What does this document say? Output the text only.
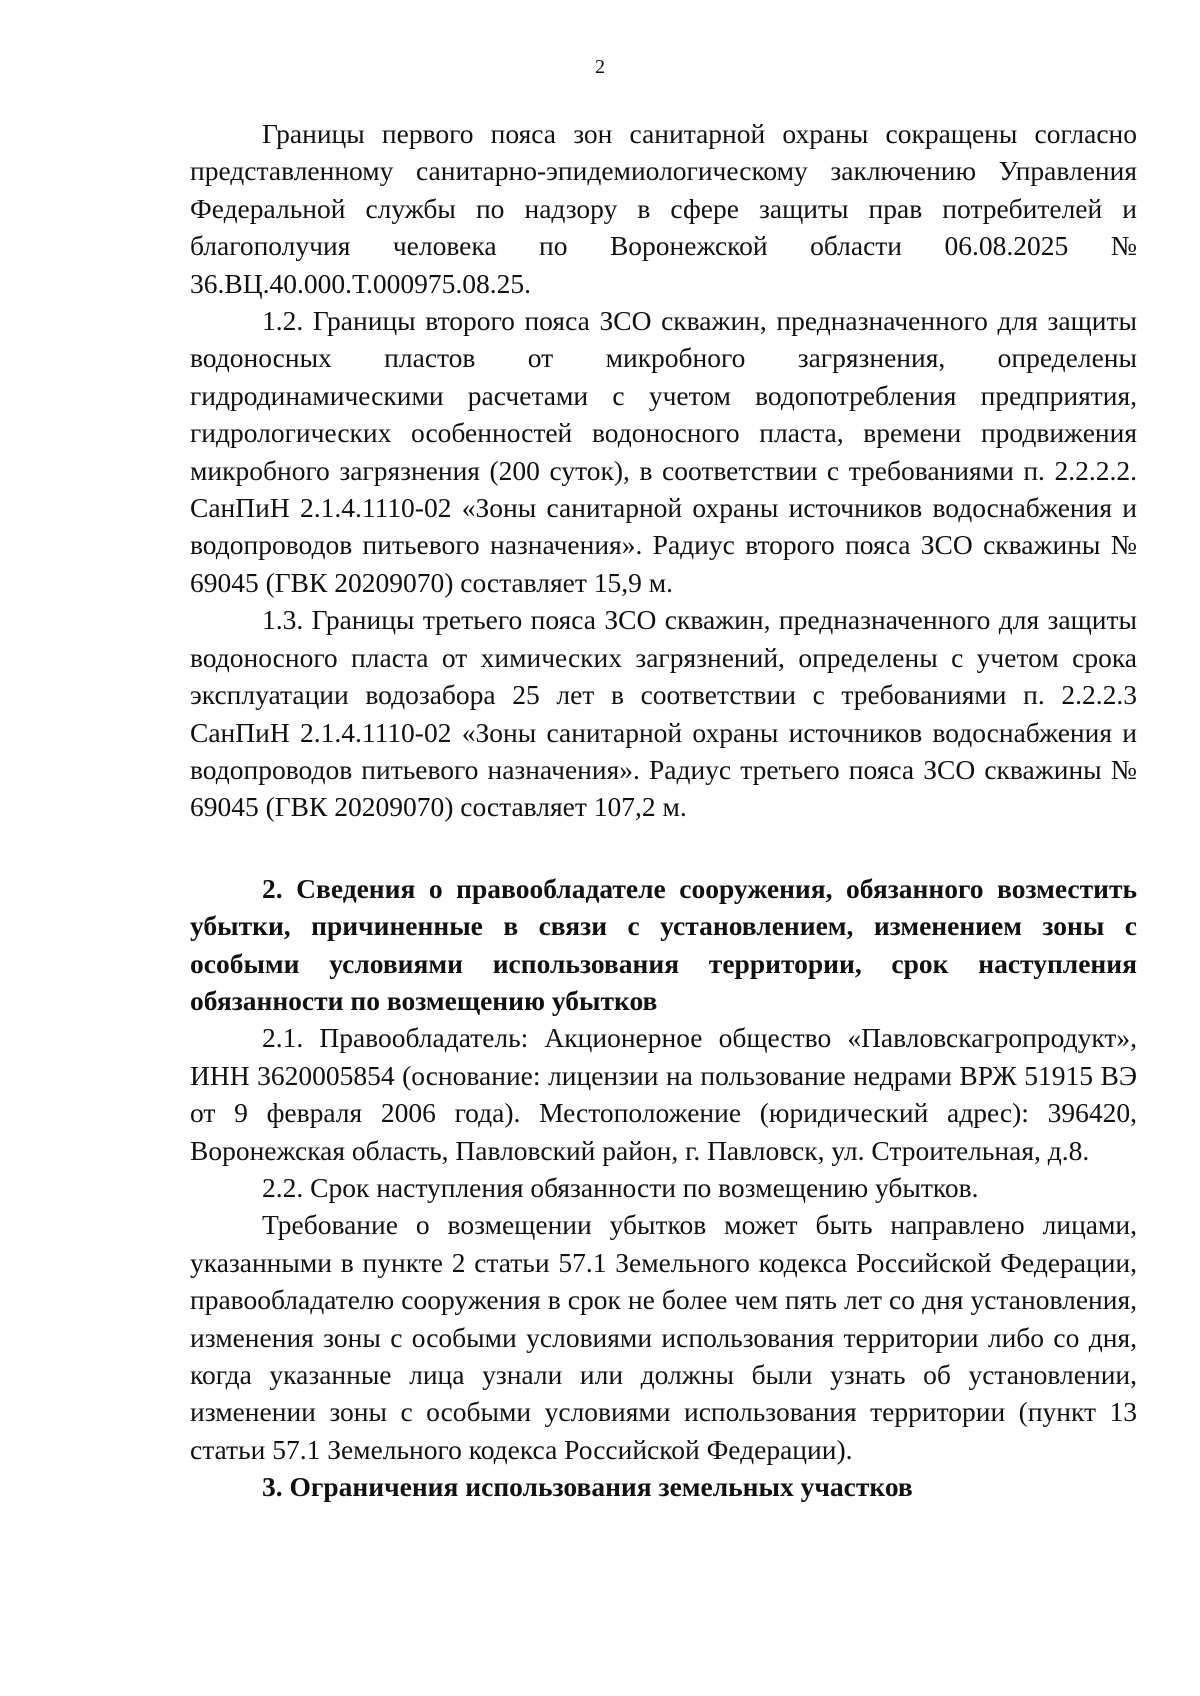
2

Границы первого пояса зон санитарной охраны сокращены согласно представленному санитарно-эпидемиологическому заключению Управления Федеральной службы по надзору в сфере защиты прав потребителей и благополучия человека по Воронежской области 06.08.2025 № 36.ВЦ.40.000.Т.000975.08.25.

1.2. Границы второго пояса ЗСО скважин, предназначенного для защиты водоносных пластов от микробного загрязнения, определены гидродинамическими расчетами с учетом водопотребления предприятия, гидрологических особенностей водоносного пласта, времени продвижения микробного загрязнения (200 суток), в соответствии с требованиями п. 2.2.2.2. СанПиН 2.1.4.1110-02 «Зоны санитарной охраны источников водоснабжения и водопроводов питьевого назначения». Радиус второго пояса ЗСО скважины № 69045 (ГВК 20209070) составляет 15,9 м.

1.3. Границы третьего пояса ЗСО скважин, предназначенного для защиты водоносного пласта от химических загрязнений, определены с учетом срока эксплуатации водозабора 25 лет в соответствии с требованиями п. 2.2.2.3 СанПиН 2.1.4.1110-02 «Зоны санитарной охраны источников водоснабжения и водопроводов питьевого назначения». Радиус третьего пояса ЗСО скважины № 69045 (ГВК 20209070) составляет 107,2 м.

2. Сведения о правообладателе сооружения, обязанного возместить убытки, причиненные в связи с установлением, изменением зоны с особыми условиями использования территории, срок наступления обязанности по возмещению убытков

2.1. Правообладатель: Акционерное общество «Павловскагропродукт», ИНН 3620005854 (основание: лицензии на пользование недрами ВРЖ 51915 ВЭ от 9 февраля 2006 года). Местоположение (юридический адрес): 396420, Воронежская область, Павловский район, г. Павловск, ул. Строительная, д.8.

2.2. Срок наступления обязанности по возмещению убытков.

Требование о возмещении убытков может быть направлено лицами, указанными в пункте 2 статьи 57.1 Земельного кодекса Российской Федерации, правообладателю сооружения в срок не более чем пять лет со дня установления, изменения зоны с особыми условиями использования территории либо со дня, когда указанные лица узнали или должны были узнать об установлении, изменении зоны с особыми условиями использования территории (пункт 13 статьи 57.1 Земельного кодекса Российской Федерации).

3. Ограничения использования земельных участков
